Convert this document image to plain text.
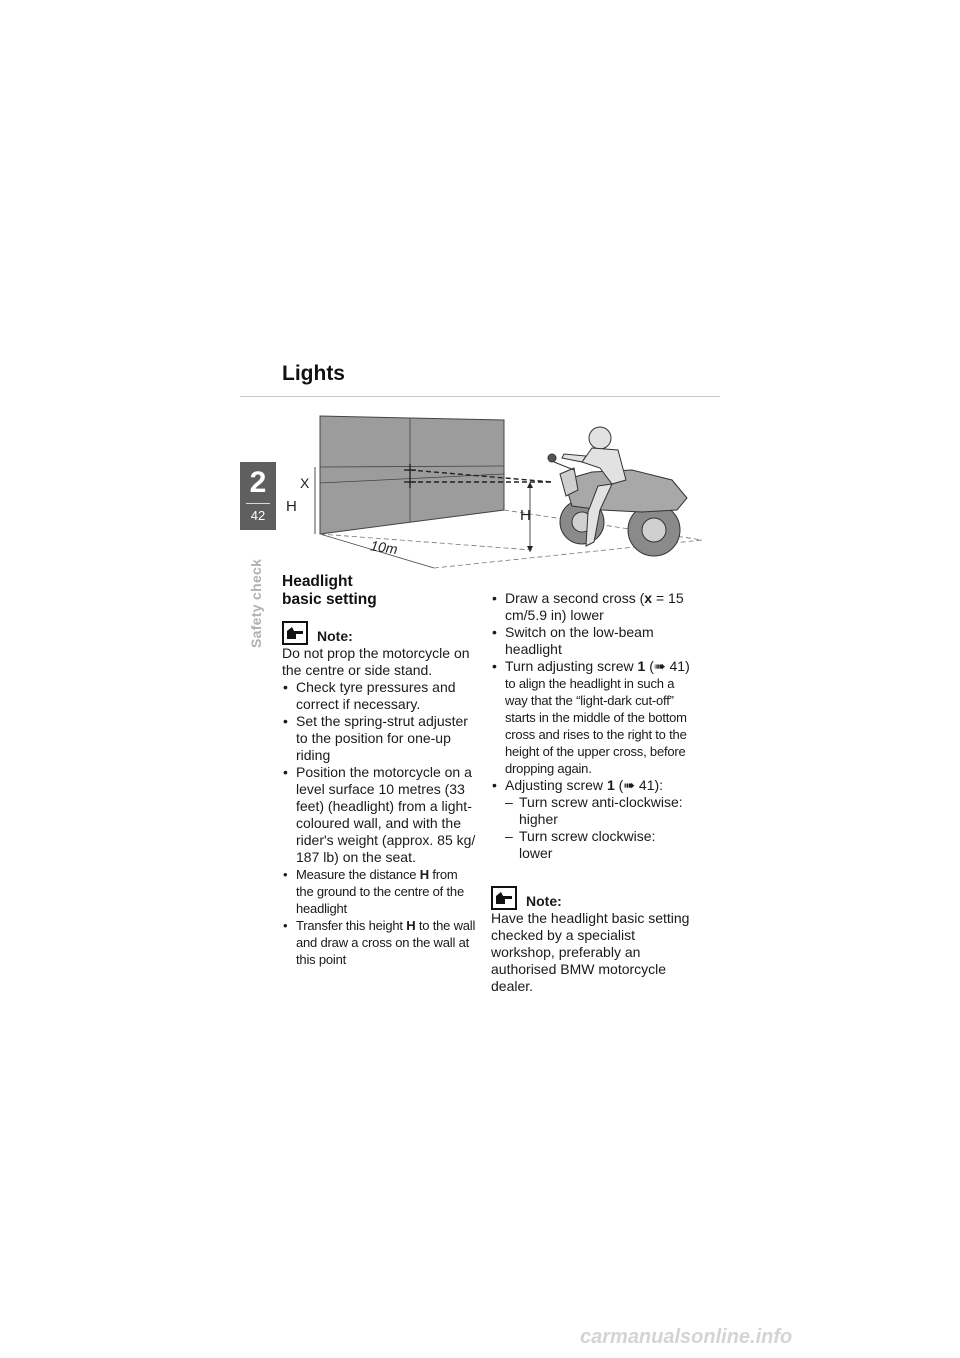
Lights
2
42
Safety check
X
H
H
10m
Headlight
basic setting
Note:

Do not prop the motorcycle on the centre or side stand.

• Check tyre pressures and correct if necessary.
• Set the spring-strut adjuster to the position for one-up riding
• Position the motorcycle on a level surface 10 metres (33 feet) (headlight) from a light-coloured wall, and with the rider's weight (approx. 85 kg/ 187 lb) on the seat.
• Measure the distance H from the ground to the centre of the headlight
• Transfer this height H to the wall and draw a cross on the wall at this point
• Draw a second cross (x = 15 cm/5.9 in) lower
• Switch on the low-beam headlight
• Turn adjusting screw 1 (➠ 41) to align the headlight in such a way that the “light-dark cut-off” starts in the middle of the bottom cross and rises to the right to the height of the upper cross, before dropping again.
• Adjusting screw 1 (➠ 41):
– Turn screw anti-clockwise: higher
– Turn screw clockwise: lower
Note:

Have the headlight basic setting checked by a specialist workshop, preferably an authorised BMW motorcycle dealer.

carmanualsonline.info
